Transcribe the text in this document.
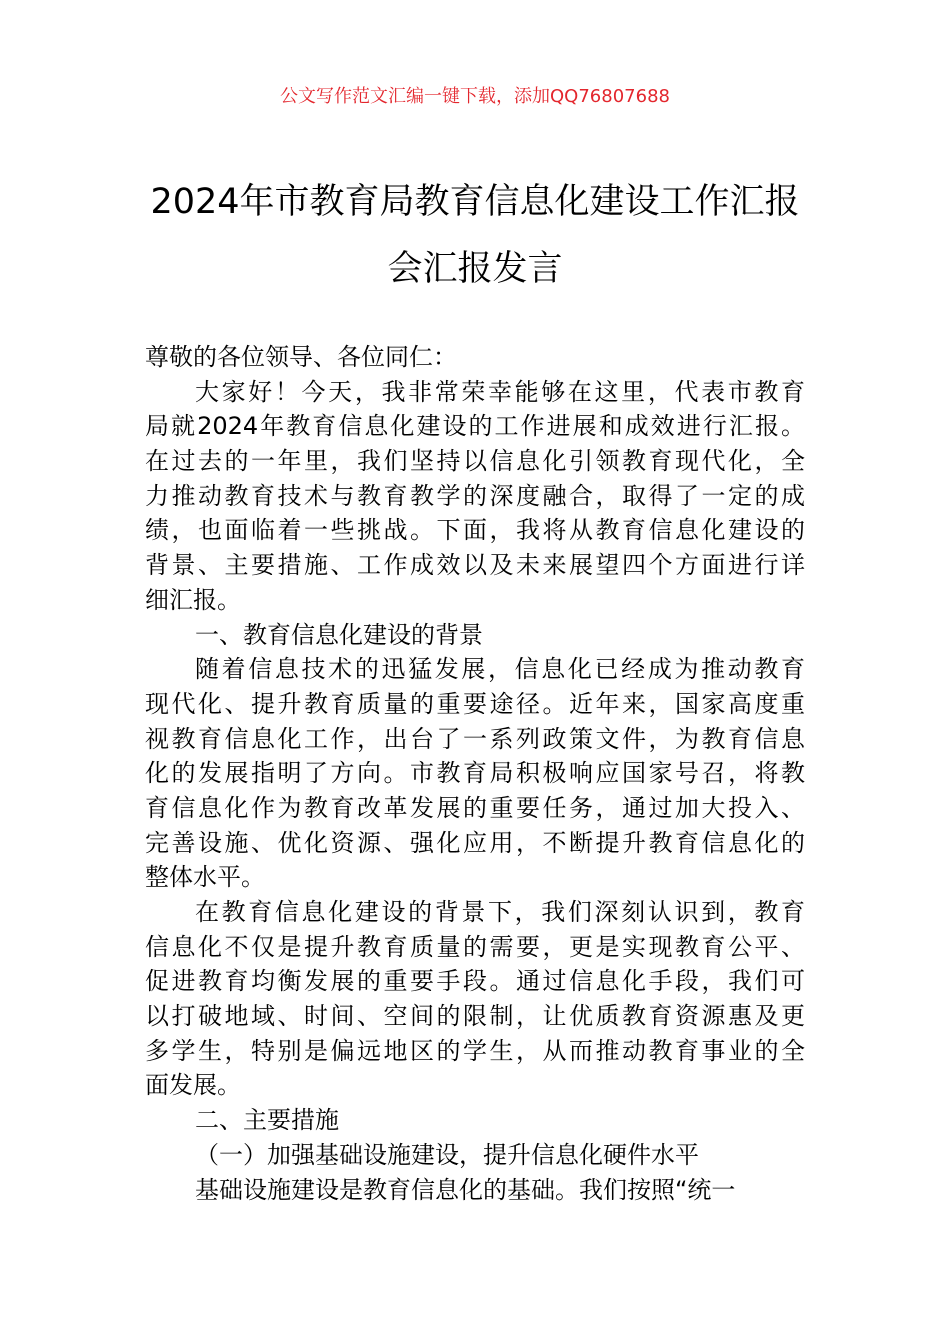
公文写作范文汇编一键下载，添加QQ76807688
2024年市教育局教育信息化建设工作汇报
会汇报发言
尊敬的各位领导、各位同仁：
大家好！今天，我非常荣幸能够在这里，代表市教育
局就2024年教育信息化建设的工作进展和成效进行汇报。
在过去的一年里，我们坚持以信息化引领教育现代化，全
力推动教育技术与教育教学的深度融合，取得了一定的成
绩，也面临着一些挑战。下面，我将从教育信息化建设的
背景、主要措施、工作成效以及未来展望四个方面进行详
细汇报。
一、教育信息化建设的背景
随着信息技术的迅猛发展，信息化已经成为推动教育
现代化、提升教育质量的重要途径。近年来，国家高度重
视教育信息化工作，出台了一系列政策文件，为教育信息
化的发展指明了方向。市教育局积极响应国家号召，将教
育信息化作为教育改革发展的重要任务，通过加大投入、
完善设施、优化资源、强化应用，不断提升教育信息化的
整体水平。
在教育信息化建设的背景下，我们深刻认识到，教育
信息化不仅是提升教育质量的需要，更是实现教育公平、
促进教育均衡发展的重要手段。通过信息化手段，我们可
以打破地域、时间、空间的限制，让优质教育资源惠及更
多学生，特别是偏远地区的学生，从而推动教育事业的全
面发展。
二、主要措施
（一）加强基础设施建设，提升信息化硬件水平
基础设施建设是教育信息化的基础。我们按照“统一
